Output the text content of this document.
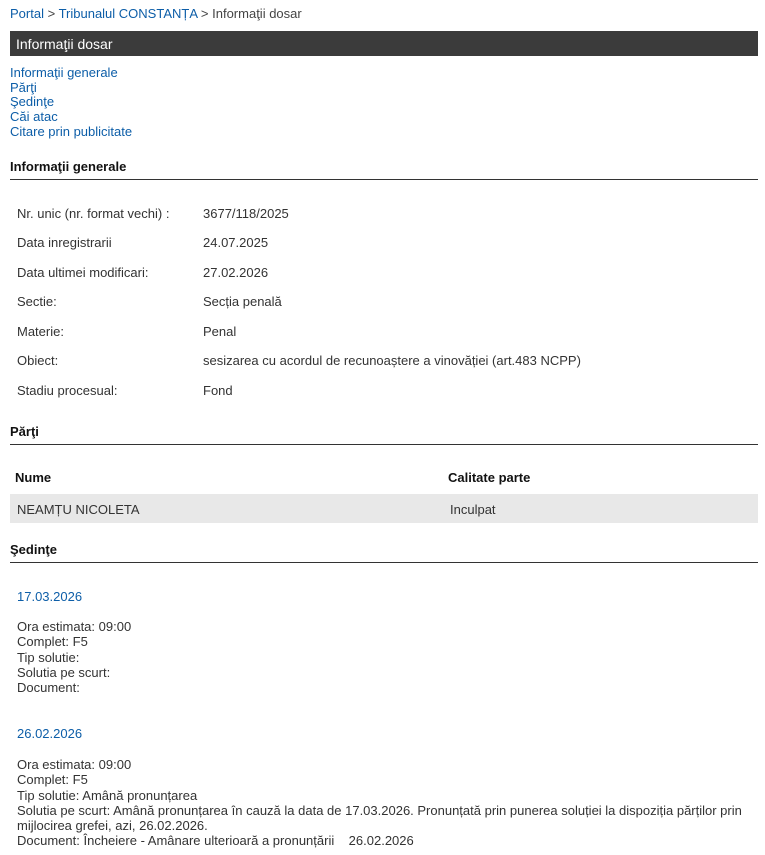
Portal > Tribunalul CONSTANȚA > Informaţii dosar
Informaţii dosar
Informaţii generale
Părţi
Şedinţe
Căi atac
Citare prin publicitate
Informaţii generale
Nr. unic (nr. format vechi) :	3677/118/2025
Data inregistrarii	24.07.2025
Data ultimei modificari:	27.02.2026
Sectie:	Secția penală
Materie:	Penal
Obiect:	sesizarea cu acordul de recunoaștere a vinovăției (art.483 NCPP)
Stadiu procesual:	Fond
Părţi
Nume	Calitate parte
NEAMȚU NICOLETA	Inculpat
Şedinţe
17.03.2026
Ora estimata: 09:00
Complet: F5
Tip solutie:
Solutia pe scurt:
Document:
26.02.2026
Ora estimata: 09:00
Complet: F5
Tip solutie: Amână pronunțarea
Solutia pe scurt: Amână pronunțarea în cauză la data de 17.03.2026. Pronunțată prin punerea soluției la dispoziția părților prin mijlocirea grefei, azi, 26.02.2026.
Document: Încheiere - Amânare ulterioară a pronunțării    26.02.2026
